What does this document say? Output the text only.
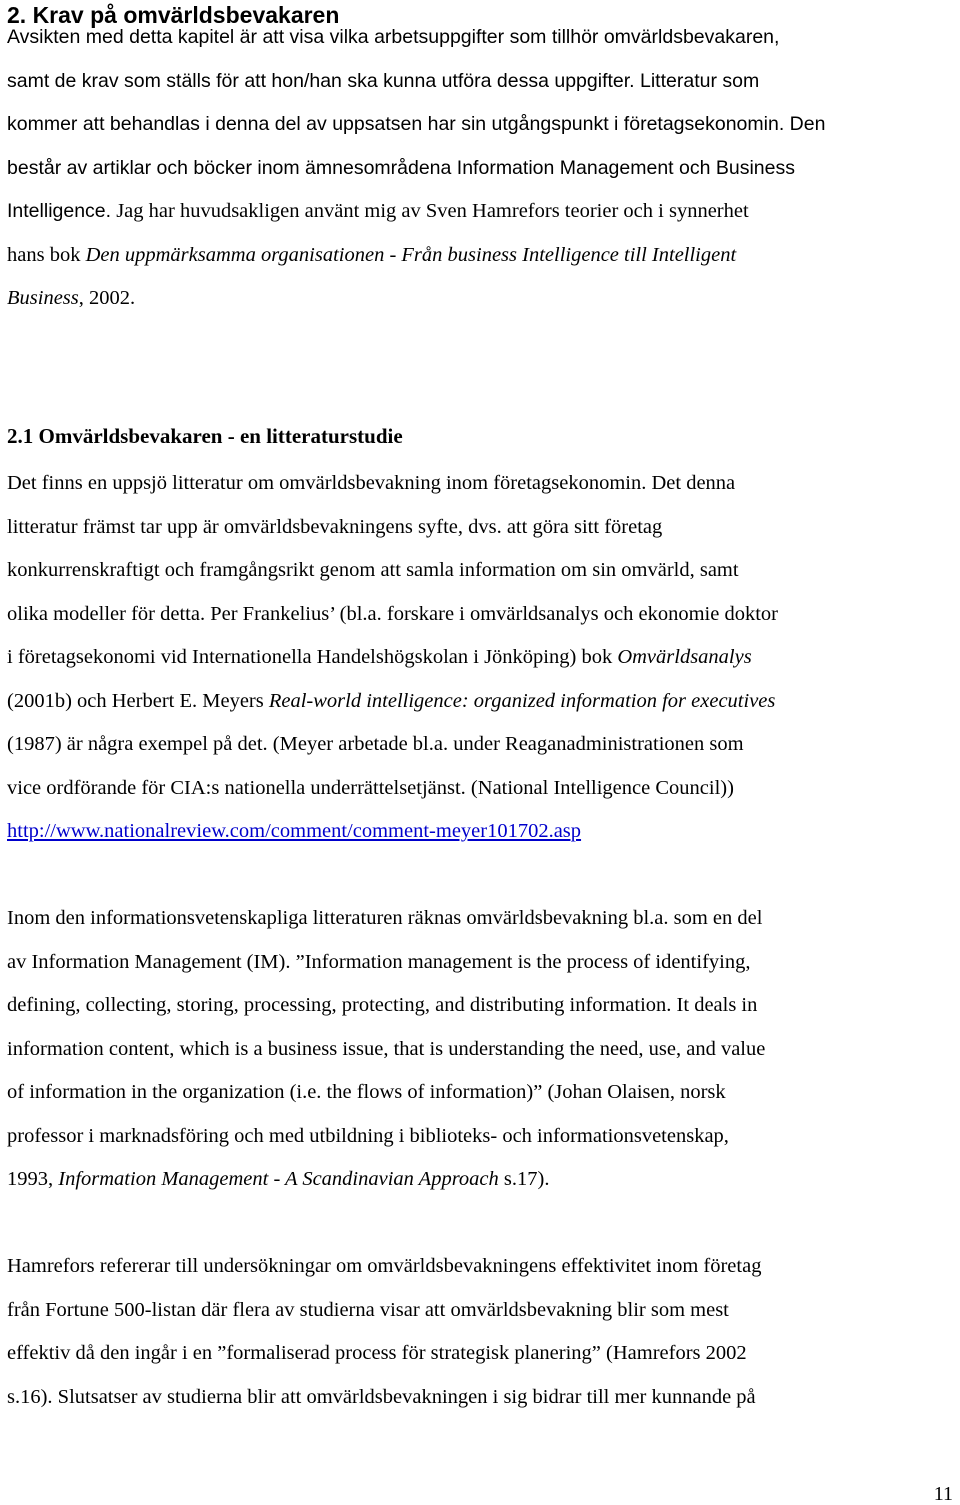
2. Krav på omvärldsbevakaren
Avsikten med detta kapitel är att visa vilka arbetsuppgifter som tillhör omvärldsbevakaren,
samt de krav som ställs för att hon/han ska kunna utföra dessa uppgifter. Litteratur som
kommer att behandlas i denna del av uppsatsen har sin utgångspunkt i företagsekonomin. Den
består av artiklar och böcker inom ämnesområdena Information Management och Business
Intelligence. Jag har huvudsakligen använt mig av Sven Hamrefors teorier och i synnerhet
hans bok Den uppmärksamma organisationen - Från business Intelligence till Intelligent
Business, 2002.
2.1 Omvärldsbevakaren - en litteraturstudie
Det finns en uppsjö litteratur om omvärldsbevakning inom företagsekonomin. Det denna
litteratur främst tar upp är omvärldsbevakningens syfte, dvs. att göra sitt företag
konkurrenskraftigt och framgångsrikt genom att samla information om sin omvärld, samt
olika modeller för detta. Per Frankelius’ (bl.a. forskare i omvärldsanalys och ekonomie doktor
i företagsekonomi vid Internationella Handelshögskolan i Jönköping) bok Omvärldsanalys
(2001b) och Herbert E. Meyers Real-world intelligence: organized information for executives
(1987) är några exempel på det. (Meyer arbetade bl.a. under Reaganadministrationen som
vice ordförande för CIA:s nationella underrättelsetjänst. (National Intelligence Council))
http://www.nationalreview.com/comment/comment-meyer101702.asp
Inom den informationsvetenskapliga litteraturen räknas omvärldsbevakning bl.a. som en del
av Information Management (IM). ”Information management is the process of identifying,
defining, collecting, storing, processing, protecting, and distributing information. It deals in
information content, which is a business issue, that is understanding the need, use, and value
of information in the organization (i.e. the flows of information)” (Johan Olaisen, norsk
professor i marknadsföring och med utbildning i biblioteks- och informationsvetenskap,
1993, Information Management - A Scandinavian Approach s.17).
Hamrefors refererar till undersökningar om omvärldsbevakningens effektivitet inom företag
från Fortune 500-listan där flera av studierna visar att omvärldsbevakning blir som mest
effektiv då den ingår i en ”formaliserad process för strategisk planering” (Hamrefors 2002
s.16). Slutsatser av studierna blir att omvärldsbevakningen i sig bidrar till mer kunnande på
11
